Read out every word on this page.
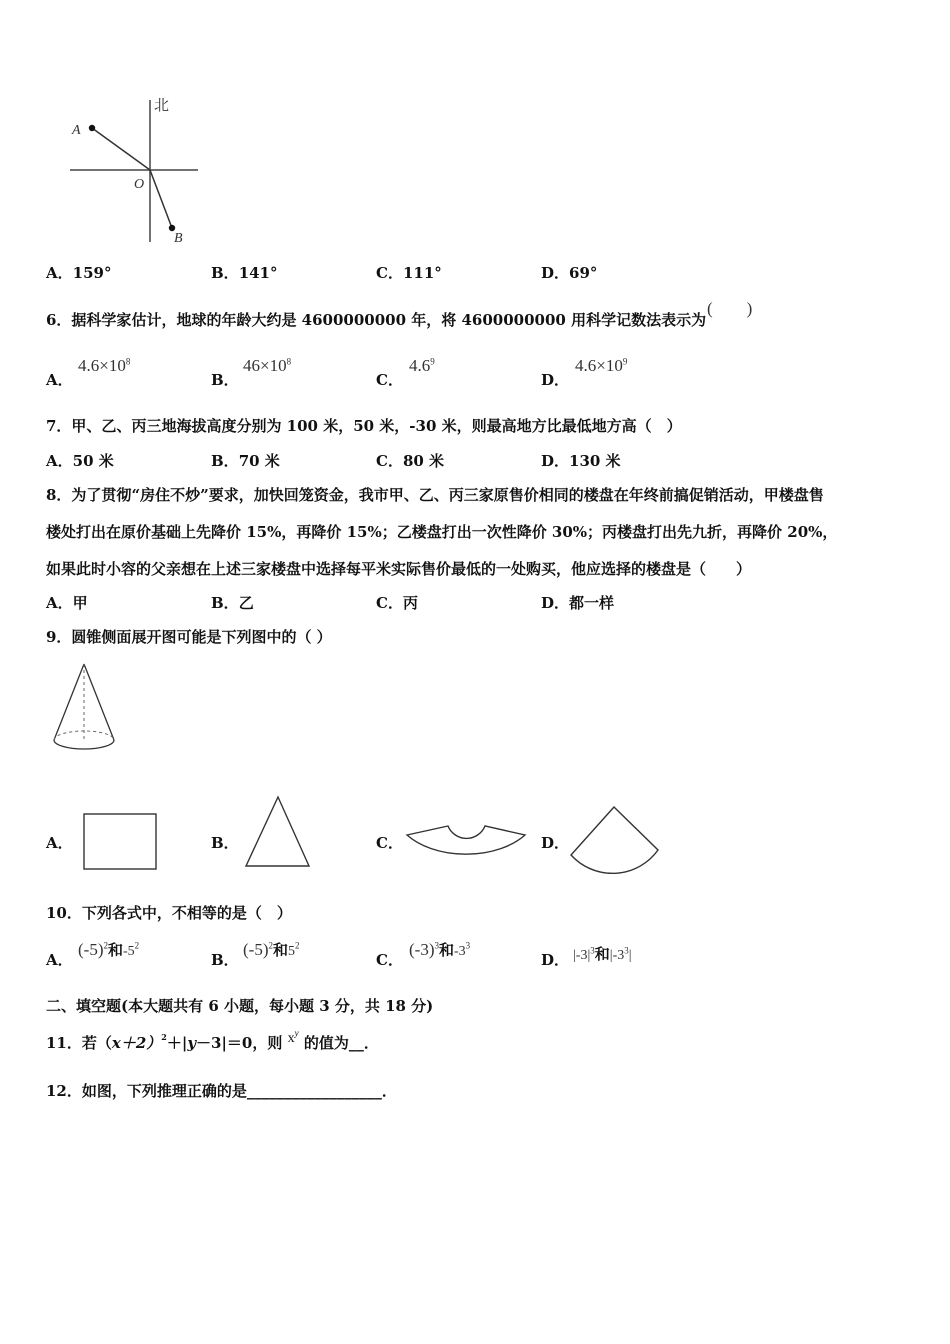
北
A
O
B
A．159°	B．141°	C．111°	D．69°
6．据科学家估计，地球的年龄大约是 4600000000 年，将 4600000000 用科学记数法表示为
(　　)
A．
$4.6\times 10^8$
B．
$46\times 10^8$
C．
$4.6^9$
D．
$4.6\times 10^9$
7．甲、乙、丙三地海拔高度分别为 100 米，50 米，-30 米，则最高地方比最低地方高（　）
A．50 米	B．70 米	C．80 米	D．130 米
8．为了贯彻“房住不炒”要求，加快回笼资金，我市甲、乙、丙三家原售价相同的楼盘在年终前搞促销活动，甲楼盘售
楼处打出在原价基础上先降价 15%，再降价 15%；乙楼盘打出一次性降价 30%；丙楼盘打出先九折，再降价 20%，
如果此时小容的父亲想在上述三家楼盘中选择每平米实际售价最低的一处购买，他应选择的楼盘是（　　）
A．甲	B．乙	C．丙	D．都一样
9．圆锥侧面展开图可能是下列图中的（ ）
A．	B．	C．	D．
10．下列各式中，不相等的是（　）
A．
$(-5)^2$和$-5^2$
B．
$(-5)^2$和$5^2$
C．
$(-3)^3$和$-3^3$
D． $|-3|^3$和$|-3^3|$
二、填空题(本大题共有 6 小题，每小题 3 分，共 18 分)
11．若$(x+2)^2+|y-3|=0$，则 $x^y$ 的值为__．
12．如图，下列推理正确的是__________________．
